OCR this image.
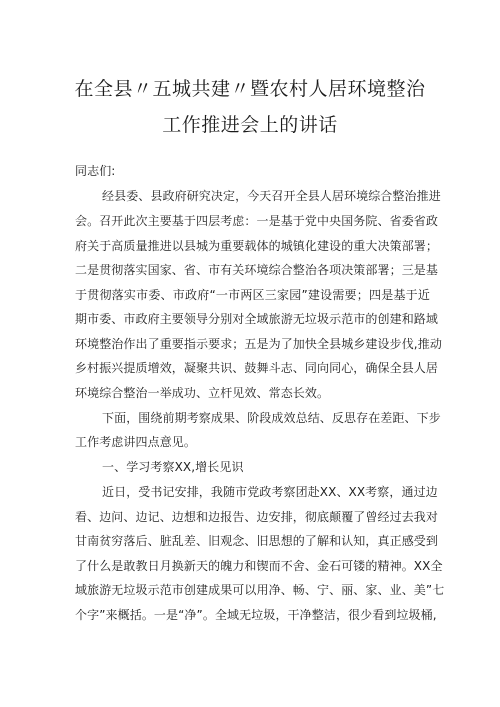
在全县〃五城共建〃暨农村人居环境整治
工作推进会上的讲话
同志们:
经县委、县政府研究决定，今天召开全县人居环境综合整治推进
会。召开此次主要基于四层考虑：一是基于党中央国务院、省委省政
府关于高质量推进以县城为重要载体的城镇化建设的重大决策部署；
二是贯彻落实国家、省、市有关环境综合整治各项决策部署；三是基
于贯彻落实市委、市政府“一市两区三家园”建设需要；四是基于近
期市委、市政府主要领导分别对全域旅游无垃圾示范市的创建和路域
环境整治作出了重要指示要求；五是为了加快全县城乡建设步伐,推动
乡村振兴提质增效，凝聚共识、鼓舞斗志、同向同心，确保全县人居
环境综合整治一举成功、立杆见效、常态长效。
下面，围绕前期考察成果、阶段成效总结、反思存在差距、下步
工作考虑讲四点意见。
一、学习考察XX,增长见识
近日，受书记安排，我随市党政考察团赴XX、XX考察，通过边
看、边问、边记、边想和边报告、边安排，彻底颠覆了曾经过去我对
甘南贫穷落后、脏乱差、旧观念、旧思想的了解和认知，真正感受到
了什么是敢教日月换新天的魄力和锲而不舍、金石可镂的精神。XX全
域旅游无垃圾示范市创建成果可以用净、畅、宁、丽、家、业、美”七
个字”来概括。一是“净”。全域无垃圾，干净整洁，很少看到垃圾桶,
